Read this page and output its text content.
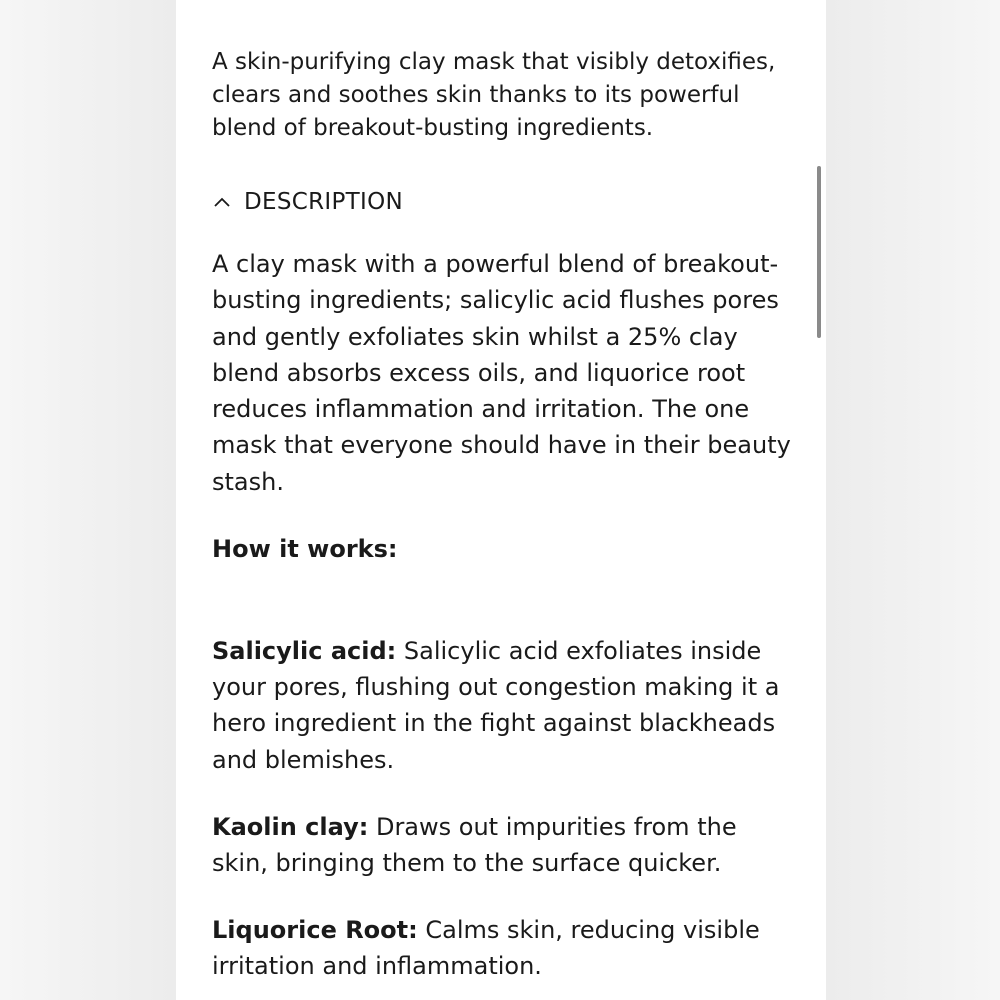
A skin-purifying clay mask that visibly detoxifies, clears and soothes skin thanks to its powerful blend of breakout-busting ingredients.

DESCRIPTION

A clay mask with a powerful blend of breakout-busting ingredients; salicylic acid flushes pores and gently exfoliates skin whilst a 25% clay blend absorbs excess oils, and liquorice root reduces inflammation and irritation. The one mask that everyone should have in their beauty stash.

How it works:

Salicylic acid: Salicylic acid exfoliates inside your pores, flushing out congestion making it a hero ingredient in the fight against blackheads and blemishes.

Kaolin clay: Draws out impurities from the skin, bringing them to the surface quicker.

Liquorice Root: Calms skin, reducing visible irritation and inflammation.
